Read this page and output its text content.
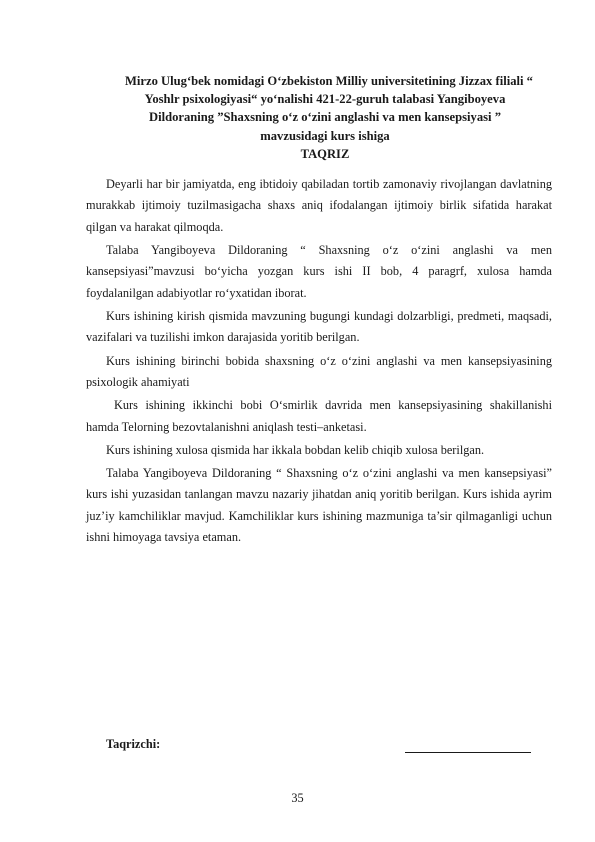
Mirzo Ulug‘bek nomidagi O‘zbekiston Milliy universitetining Jizzax filiali “
Yoshlr psixologiyasi“ yo‘nalishi 421-22-guruh talabasi Yangiboyeva
Dildoraning ”Shaxsning o‘z o‘zini anglashi va men kansepsiyasi ”
mavzusidagi kurs ishiga
TAQRIZ

Deyarli har bir jamiyatda, eng ibtidoiy qabiladan tortib zamonaviy rivojlangan davlatning murakkab ijtimoiy tuzilmasigacha shaxs aniq ifodalangan ijtimoiy birlik sifatida harakat qilgan va harakat qilmoqda.

Talaba Yangiboyeva Dildoraning “ Shaxsning o‘z o‘zini anglashi va men kansepsiyasi”mavzusi bo‘yicha yozgan kurs ishi II bob, 4 paragrf, xulosa hamda foydalanilgan adabiyotlar ro‘yxatidan iborat.

Kurs ishining kirish qismida mavzuning bugungi kundagi dolzarbligi, predmeti, maqsadi, vazifalari va tuzilishi imkon darajasida yoritib berilgan.

Kurs ishining birinchi bobida shaxsning o‘z o‘zini anglashi va men kansepsiyasining psixologik ahamiyati

Kurs ishining ikkinchi bobi O‘smirlik davrida men kansepsiyasining shakillanishi hamda Telorning bezovtalanishni aniqlash testi–anketasi.

Kurs ishining xulosa qismida har ikkala bobdan kelib chiqib xulosa berilgan.

Talaba Yangiboyeva Dildoraning “ Shaxsning o‘z o‘zini anglashi va men kansepsiyasi” kurs ishi yuzasidan tanlangan mavzu nazariy jihatdan aniq yoritib berilgan. Kurs ishida ayrim juz’iy kamchiliklar mavjud. Kamchiliklar kurs ishining mazmuniga ta’sir qilmaganligi uchun ishni himoyaga tavsiya etaman.

Taqrizchi:
35
